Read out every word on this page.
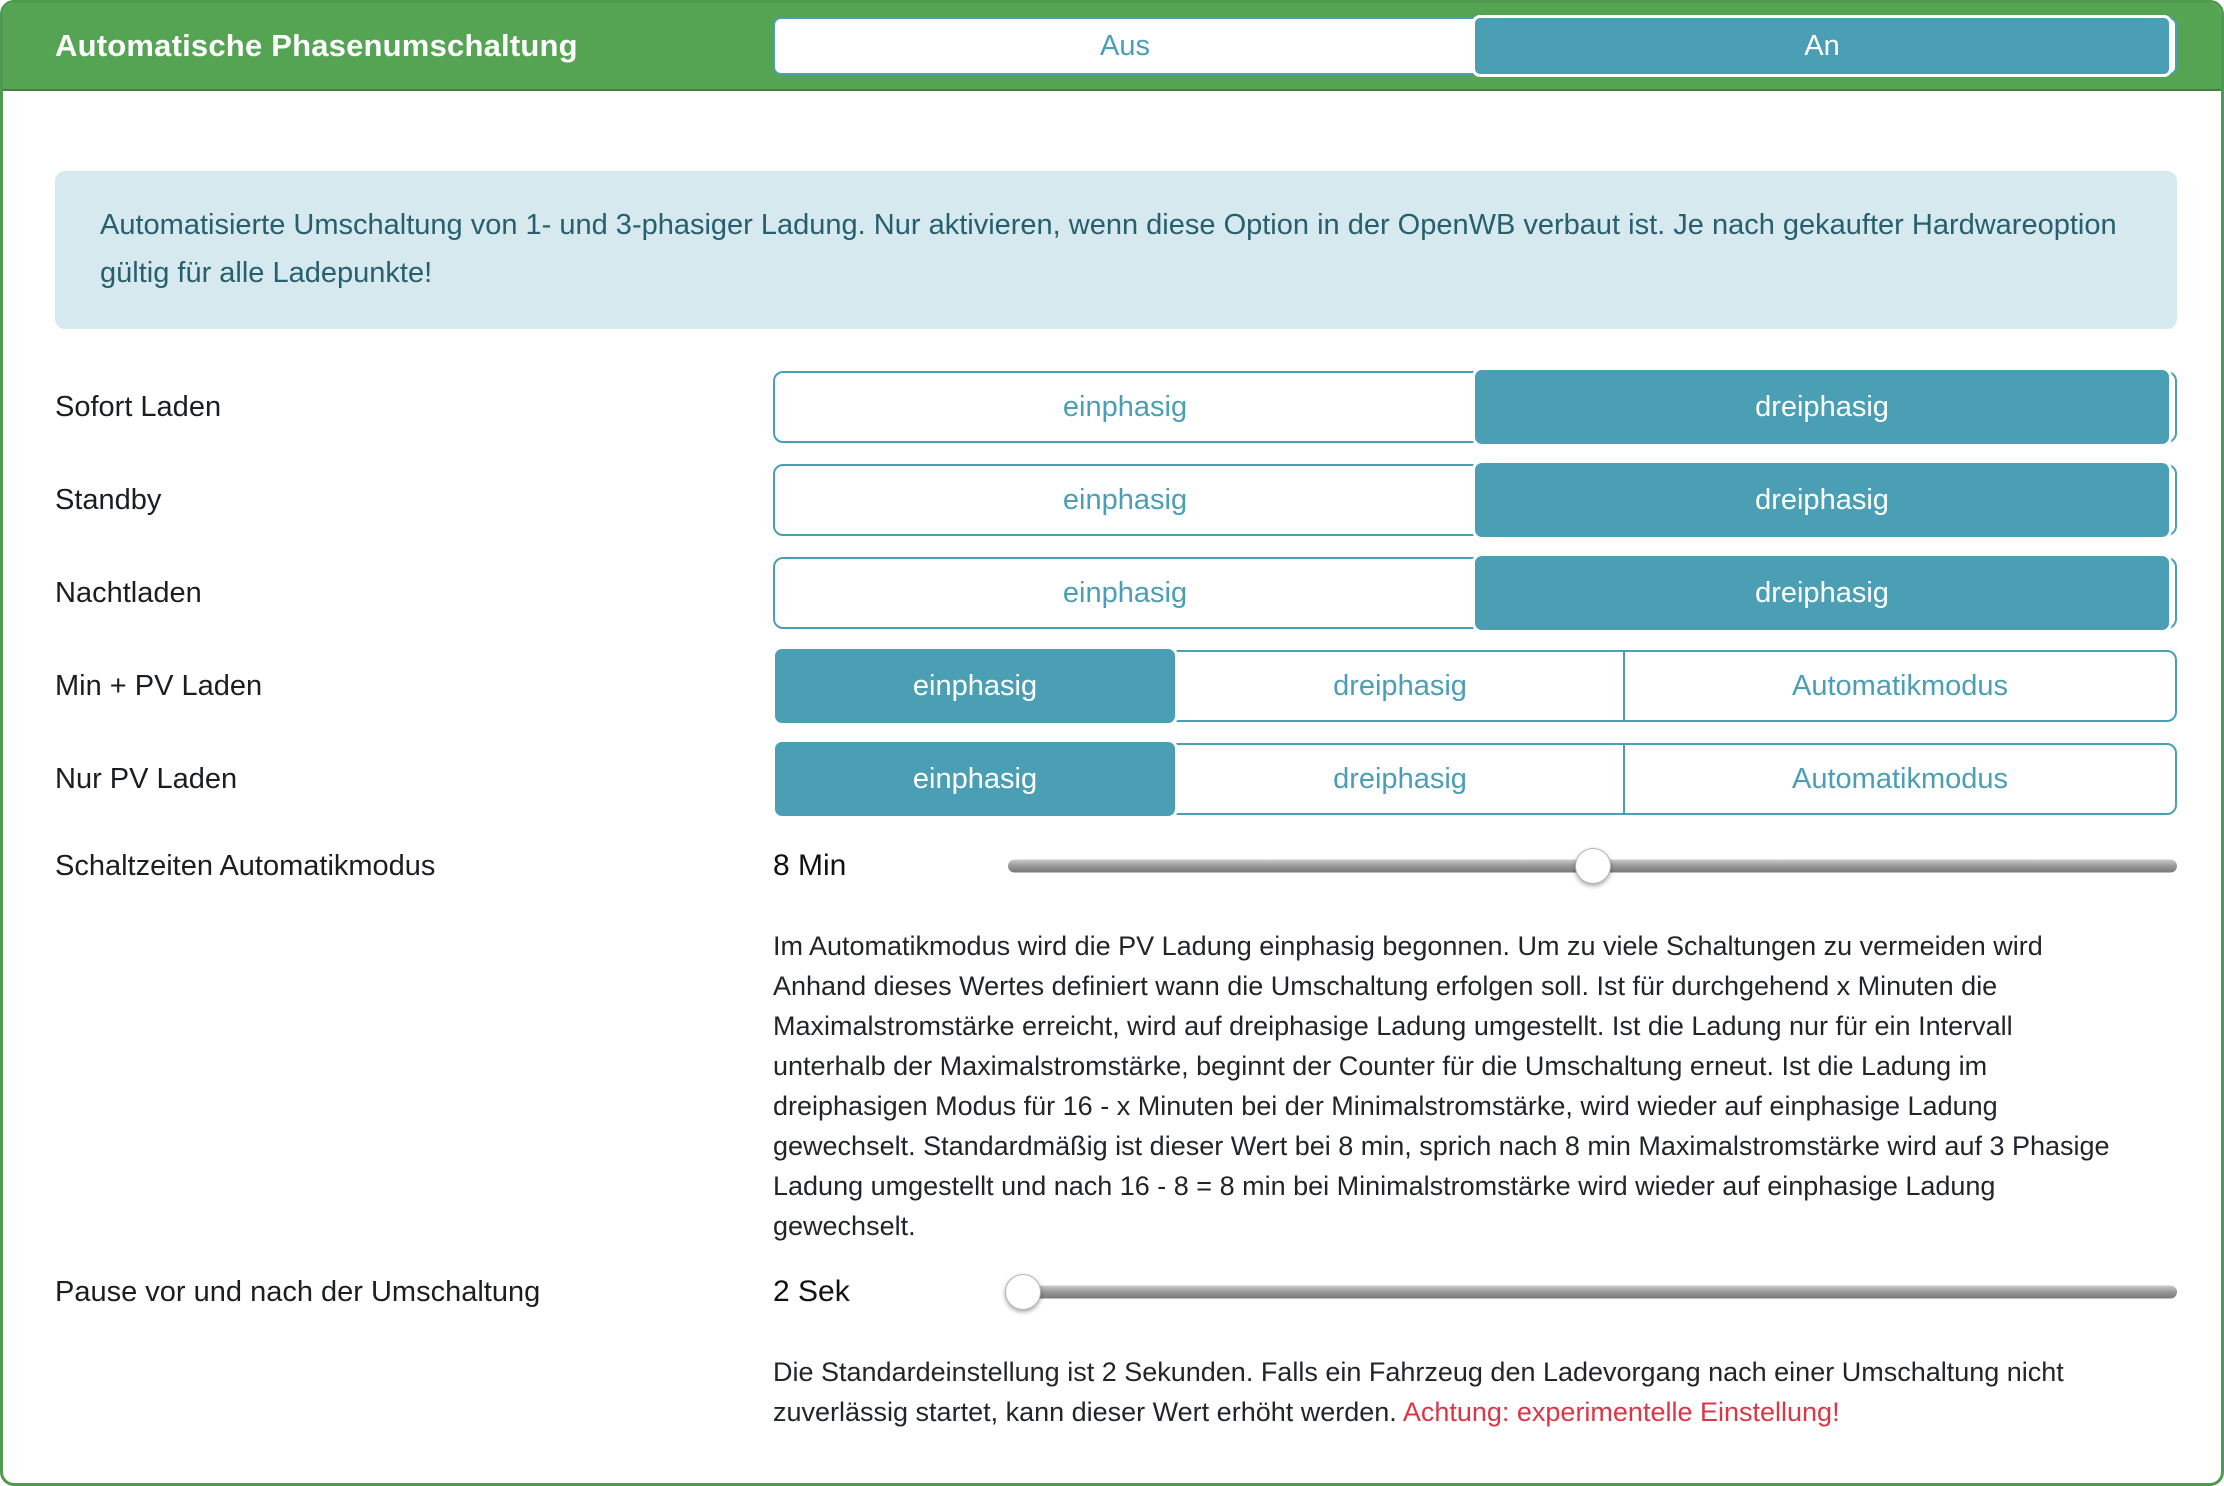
Automatische Phasenumschaltung	Aus	An
Automatisierte Umschaltung von 1- und 3-phasiger Ladung. Nur aktivieren, wenn diese Option in der OpenWB verbaut ist. Je nach gekaufter Hardwareoption gültig für alle Ladepunkte!
Sofort Laden	einphasig	dreiphasig
Standby	einphasig	dreiphasig
Nachtladen	einphasig	dreiphasig
Min + PV Laden	einphasig	dreiphasig	Automatikmodus
Nur PV Laden	einphasig	dreiphasig	Automatikmodus
Schaltzeiten Automatikmodus	8 Min

Im Automatikmodus wird die PV Ladung einphasig begonnen. Um zu viele Schaltungen zu vermeiden wird Anhand dieses Wertes definiert wann die Umschaltung erfolgen soll. Ist für durchgehend x Minuten die Maximalstromstärke erreicht, wird auf dreiphasige Ladung umgestellt. Ist die Ladung nur für ein Intervall unterhalb der Maximalstromstärke, beginnt der Counter für die Umschaltung erneut. Ist die Ladung im dreiphasigen Modus für 16 - x Minuten bei der Minimalstromstärke, wird wieder auf einphasige Ladung gewechselt. Standardmäßig ist dieser Wert bei 8 min, sprich nach 8 min Maximalstromstärke wird auf 3 Phasige Ladung umgestellt und nach 16 - 8 = 8 min bei Minimalstromstärke wird wieder auf einphasige Ladung gewechselt.

Pause vor und nach der Umschaltung	2 Sek

Die Standardeinstellung ist 2 Sekunden. Falls ein Fahrzeug den Ladevorgang nach einer Umschaltung nicht zuverlässig startet, kann dieser Wert erhöht werden. Achtung: experimentelle Einstellung!
